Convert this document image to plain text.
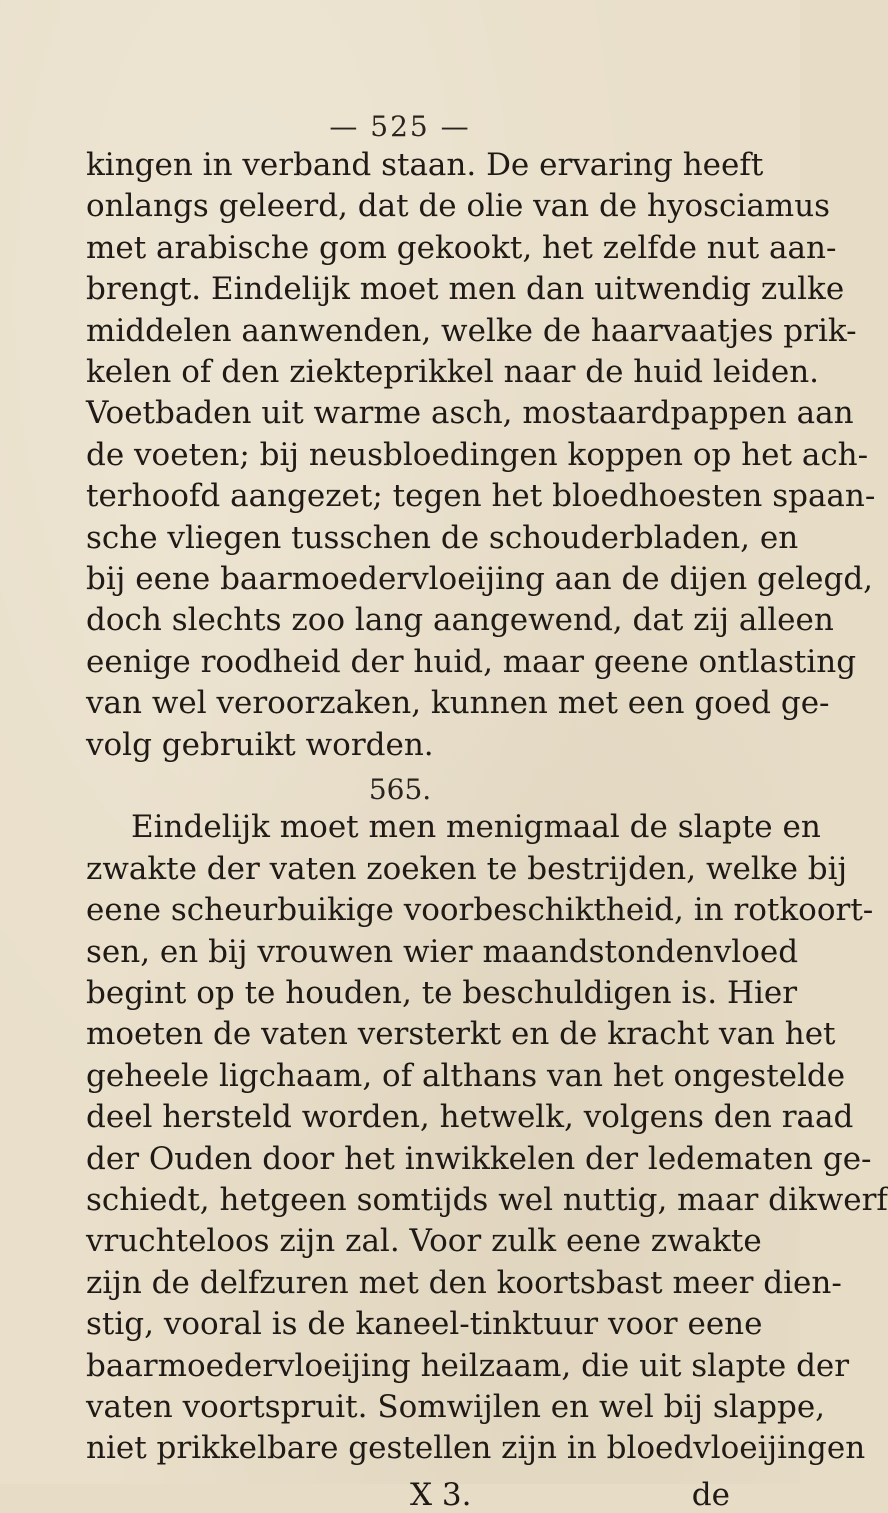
— 525 —
kingen in verband staan. De ervaring heeft
onlangs geleerd, dat de olie van de hyosciamus
met arabische gom gekookt, het zelfde nut aan-
brengt. Eindelijk moet men dan uitwendig zulke
middelen aanwenden, welke de haarvaatjes prik-
kelen of den ziekteprikkel naar de huid leiden.
Voetbaden uit warme asch, mostaardpappen aan
de voeten; bij neusbloedingen koppen op het ach-
terhoofd aangezet; tegen het bloedhoesten spaan-
sche vliegen tusschen de schouderbladen, en
bij eene baarmoedervloeijing aan de dijen gelegd,
doch slechts zoo lang aangewend, dat zij alleen
eenige roodheid der huid, maar geene ontlasting
van wel veroorzaken, kunnen met een goed ge-
volg gebruikt worden.
565.
Eindelijk moet men menigmaal de slapte en
zwakte der vaten zoeken te bestrijden, welke bij
eene scheurbuikige voorbeschiktheid, in rotkoort-
sen, en bij vrouwen wier maandstondenvloed
begint op te houden, te beschuldigen is. Hier
moeten de vaten versterkt en de kracht van het
geheele ligchaam, of althans van het ongestelde
deel hersteld worden, hetwelk, volgens den raad
der Ouden door het inwikkelen der ledematen ge-
schiedt, hetgeen somtijds wel nuttig, maar dikwerf
vruchteloos zijn zal. Voor zulk eene zwakte
zijn de delfzuren met den koortsbast meer dien-
stig, vooral is de kaneel-tinktuur voor eene
baarmoedervloeijing heilzaam, die uit slapte der
vaten voortspruit. Somwijlen en wel bij slappe,
niet prikkelbare gestellen zijn in bloedvloeijingen
X 3.	de
